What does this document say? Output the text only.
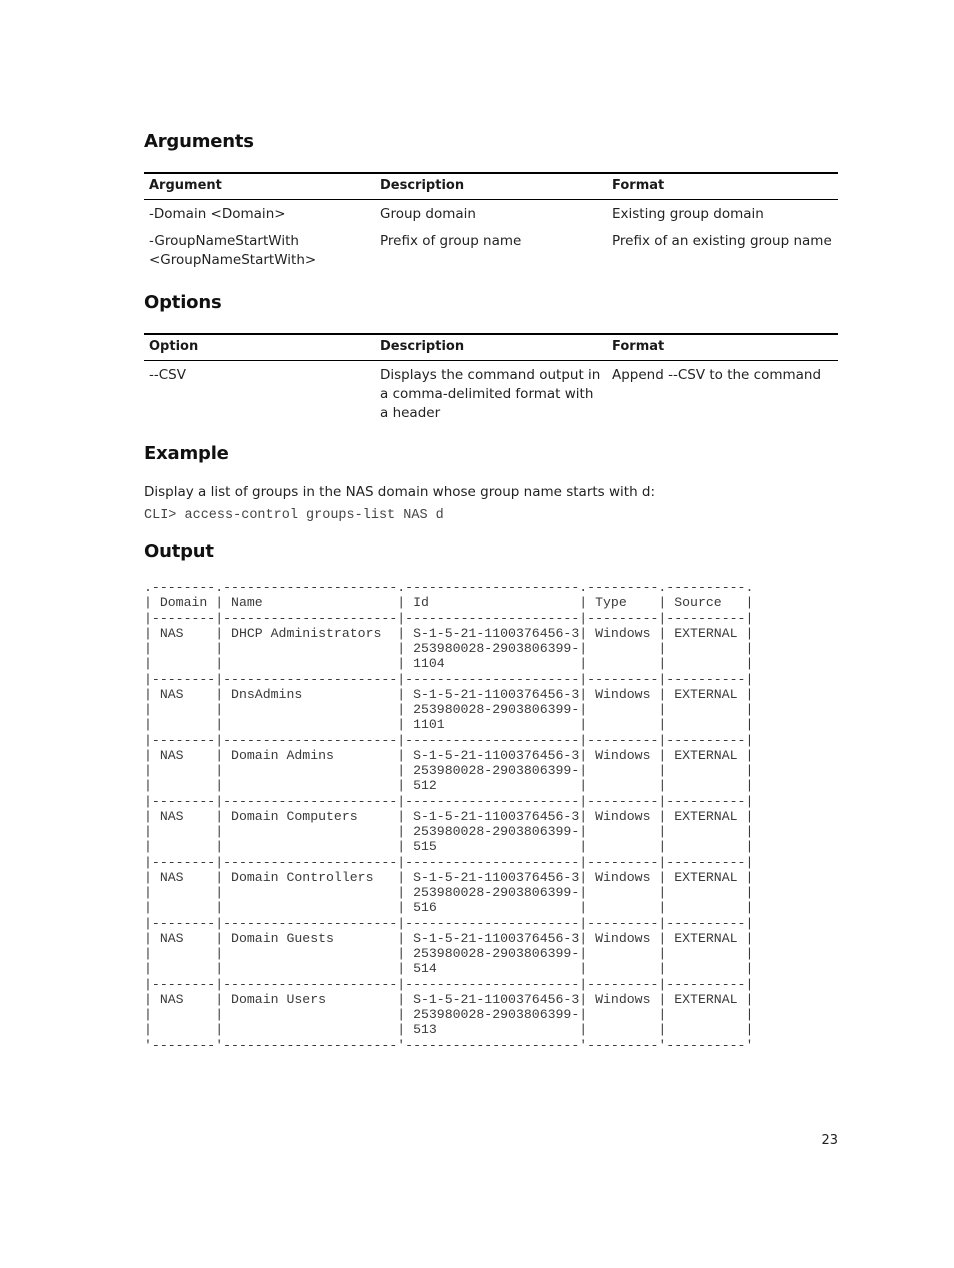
Arguments
Argument	Description	Format
-Domain <Domain>	Group domain	Existing group domain
-GroupNameStartWith
<GroupNameStartWith>	Prefix of group name	Prefix of an existing group name
Options
Option	Description	Format
--CSV	Displays the command output in
a comma-delimited format with
a header	Append --CSV to the command
Example

Display a list of groups in the NAS domain whose group name starts with d:

CLI> access-control groups-list NAS d

Output
.--------.----------------------.----------------------.---------.----------.
| Domain | Name                 | Id                   | Type    | Source   |
|--------|----------------------|----------------------|---------|----------|
| NAS    | DHCP Administrators  | S-1-5-21-1100376456-3| Windows | EXTERNAL |
|        |                      | 253980028-2903806399-|         |          |
|        |                      | 1104                 |         |          |
|--------|----------------------|----------------------|---------|----------|
| NAS    | DnsAdmins            | S-1-5-21-1100376456-3| Windows | EXTERNAL |
|        |                      | 253980028-2903806399-|         |          |
|        |                      | 1101                 |         |          |
|--------|----------------------|----------------------|---------|----------|
| NAS    | Domain Admins        | S-1-5-21-1100376456-3| Windows | EXTERNAL |
|        |                      | 253980028-2903806399-|         |          |
|        |                      | 512                  |         |          |
|--------|----------------------|----------------------|---------|----------|
| NAS    | Domain Computers     | S-1-5-21-1100376456-3| Windows | EXTERNAL |
|        |                      | 253980028-2903806399-|         |          |
|        |                      | 515                  |         |          |
|--------|----------------------|----------------------|---------|----------|
| NAS    | Domain Controllers   | S-1-5-21-1100376456-3| Windows | EXTERNAL |
|        |                      | 253980028-2903806399-|         |          |
|        |                      | 516                  |         |          |
|--------|----------------------|----------------------|---------|----------|
| NAS    | Domain Guests        | S-1-5-21-1100376456-3| Windows | EXTERNAL |
|        |                      | 253980028-2903806399-|         |          |
|        |                      | 514                  |         |          |
|--------|----------------------|----------------------|---------|----------|
| NAS    | Domain Users         | S-1-5-21-1100376456-3| Windows | EXTERNAL |
|        |                      | 253980028-2903806399-|         |          |
|        |                      | 513                  |         |          |
'--------'----------------------'----------------------'---------'----------'
23
